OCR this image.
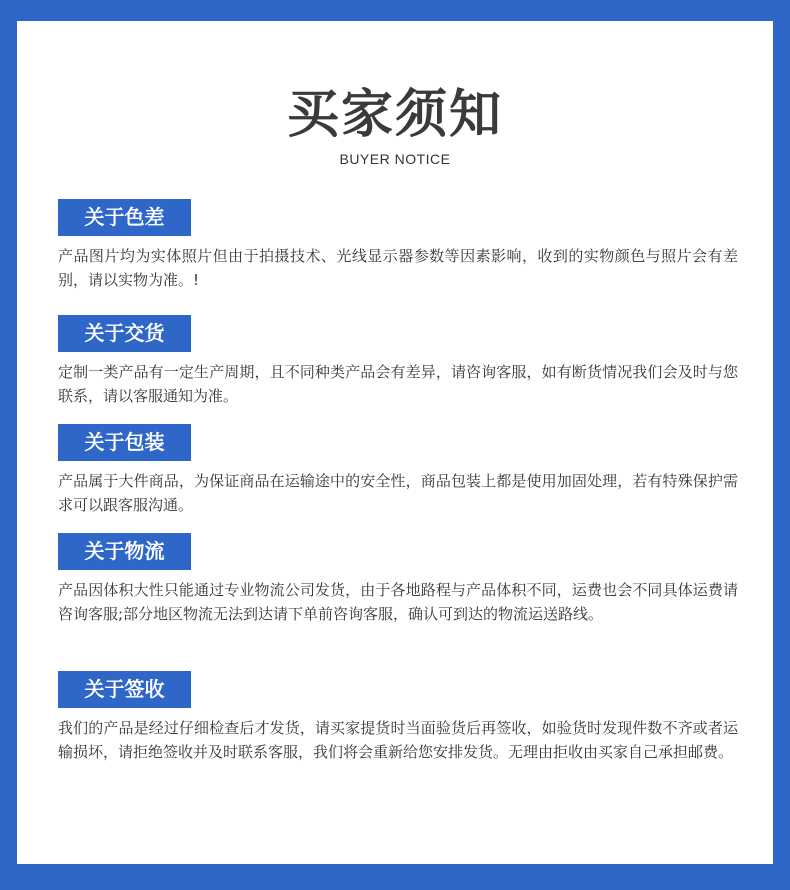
买家须知
BUYER NOTICE
关于色差

产品图片均为实体照片但由于拍摄技术、光线显示器参数等因素影响，收到的实物颜色与照片会有差别，请以实物为准。!

关于交货

定制一类产品有一定生产周期，且不同种类产品会有差异，请咨询客服，如有断货情况我们会及时与您联系，请以客服通知为准。

关于包装

产品属于大件商品，为保证商品在运输途中的安全性，商品包装上都是使用加固处理，若有特殊保护需求可以跟客服沟通。

关于物流

产品因体积大性只能通过专业物流公司发货，由于各地路程与产品体积不同，运费也会不同具体运费请咨询客服;部分地区物流无法到达请下单前咨询客服，确认可到达的物流运送路线。

关于签收

我们的产品是经过仔细检查后才发货，请买家提货时当面验货后再签收，如验货时发现件数不齐或者运输损坏，请拒绝签收并及时联系客服，我们将会重新给您安排发货。无理由拒收由买家自己承担邮费。
